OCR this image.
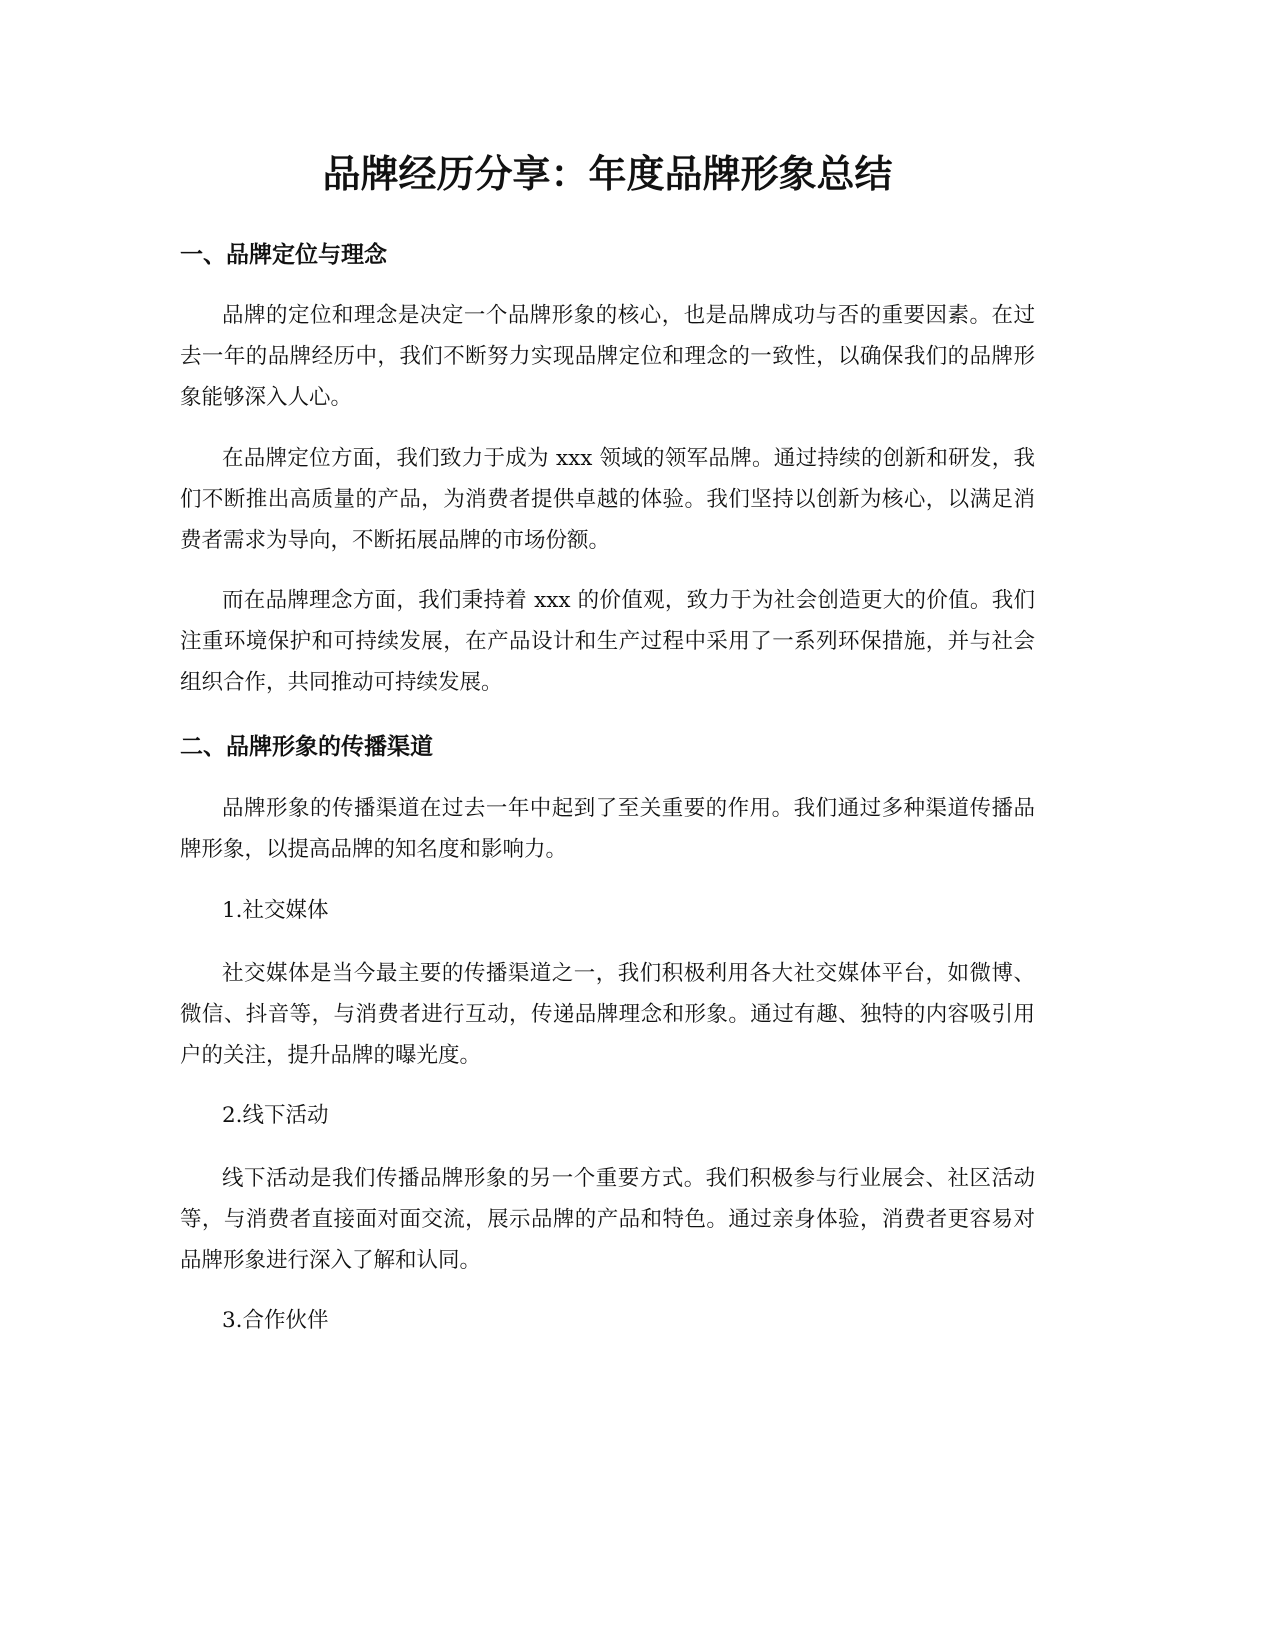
品牌经历分享：年度品牌形象总结
一、品牌定位与理念

品牌的定位和理念是决定一个品牌形象的核心，也是品牌成功与否的重要因素。在过去一年的品牌经历中，我们不断努力实现品牌定位和理念的一致性，以确保我们的品牌形象能够深入人心。

在品牌定位方面，我们致力于成为 xxx 领域的领军品牌。通过持续的创新和研发，我们不断推出高质量的产品，为消费者提供卓越的体验。我们坚持以创新为核心，以满足消费者需求为导向，不断拓展品牌的市场份额。

而在品牌理念方面，我们秉持着 xxx 的价值观，致力于为社会创造更大的价值。我们注重环境保护和可持续发展，在产品设计和生产过程中采用了一系列环保措施，并与社会组织合作，共同推动可持续发展。

二、品牌形象的传播渠道

品牌形象的传播渠道在过去一年中起到了至关重要的作用。我们通过多种渠道传播品牌形象，以提高品牌的知名度和影响力。

1.社交媒体

社交媒体是当今最主要的传播渠道之一，我们积极利用各大社交媒体平台，如微博、微信、抖音等，与消费者进行互动，传递品牌理念和形象。通过有趣、独特的内容吸引用户的关注，提升品牌的曝光度。

2.线下活动

线下活动是我们传播品牌形象的另一个重要方式。我们积极参与行业展会、社区活动等，与消费者直接面对面交流，展示品牌的产品和特色。通过亲身体验，消费者更容易对品牌形象进行深入了解和认同。

3.合作伙伴
